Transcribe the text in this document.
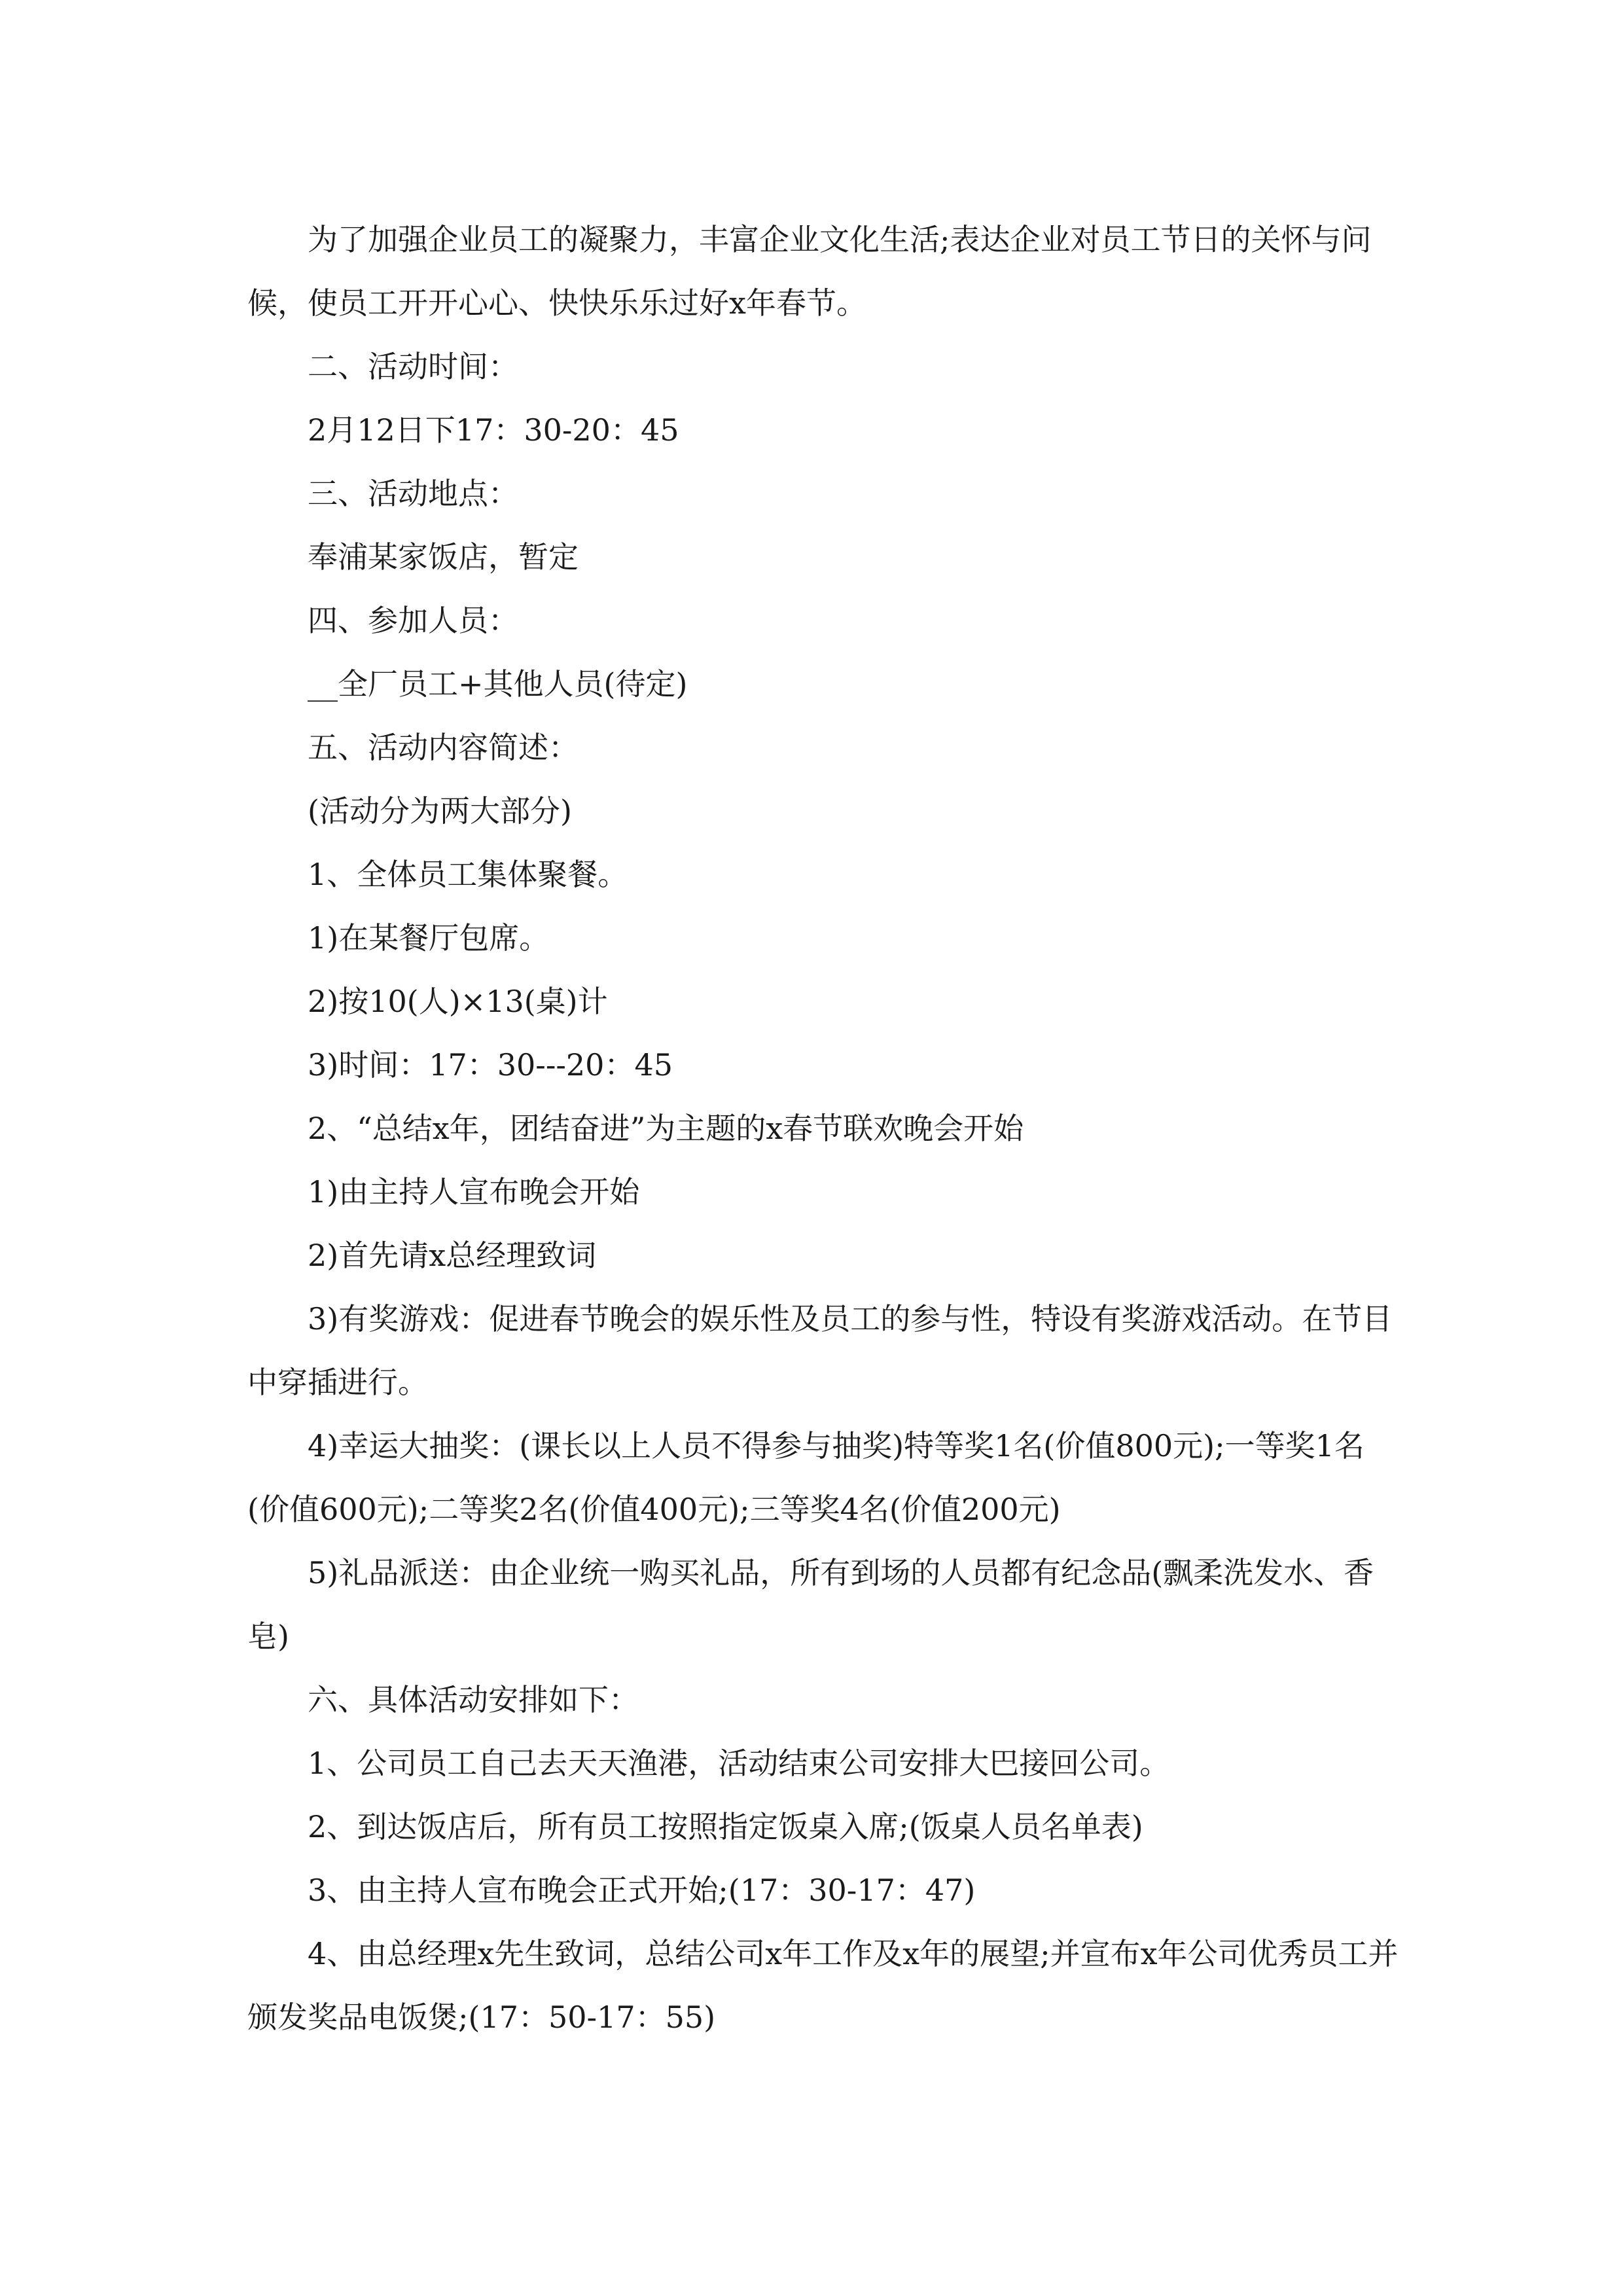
为了加强企业员工的凝聚力，丰富企业文化生活;表达企业对员工节日的关怀与问候，使员工开开心心、快快乐乐过好x年春节。

二、活动时间：

2月12日下17：30-20：45

三、活动地点：

奉浦某家饭店，暂定

四、参加人员：

__全厂员工+其他人员(待定)

五、活动内容简述：

(活动分为两大部分)

1、全体员工集体聚餐。

1)在某餐厅包席。

2)按10(人)×13(桌)计

3)时间：17：30---20：45

2、“总结x年，团结奋进”为主题的x春节联欢晚会开始

1)由主持人宣布晚会开始

2)首先请x总经理致词

3)有奖游戏：促进春节晚会的娱乐性及员工的参与性，特设有奖游戏活动。在节目中穿插进行。

4)幸运大抽奖：(课长以上人员不得参与抽奖)特等奖1名(价值800元);一等奖1名(价值600元);二等奖2名(价值400元);三等奖4名(价值200元)

5)礼品派送：由企业统一购买礼品，所有到场的人员都有纪念品(飘柔洗发水、香皂)

六、具体活动安排如下：

1、公司员工自己去天天渔港，活动结束公司安排大巴接回公司。

2、到达饭店后，所有员工按照指定饭桌入席;(饭桌人员名单表)

3、由主持人宣布晚会正式开始;(17：30-17：47)

4、由总经理x先生致词，总结公司x年工作及x年的展望;并宣布x年公司优秀员工并颁发奖品电饭煲;(17：50-17：55)
